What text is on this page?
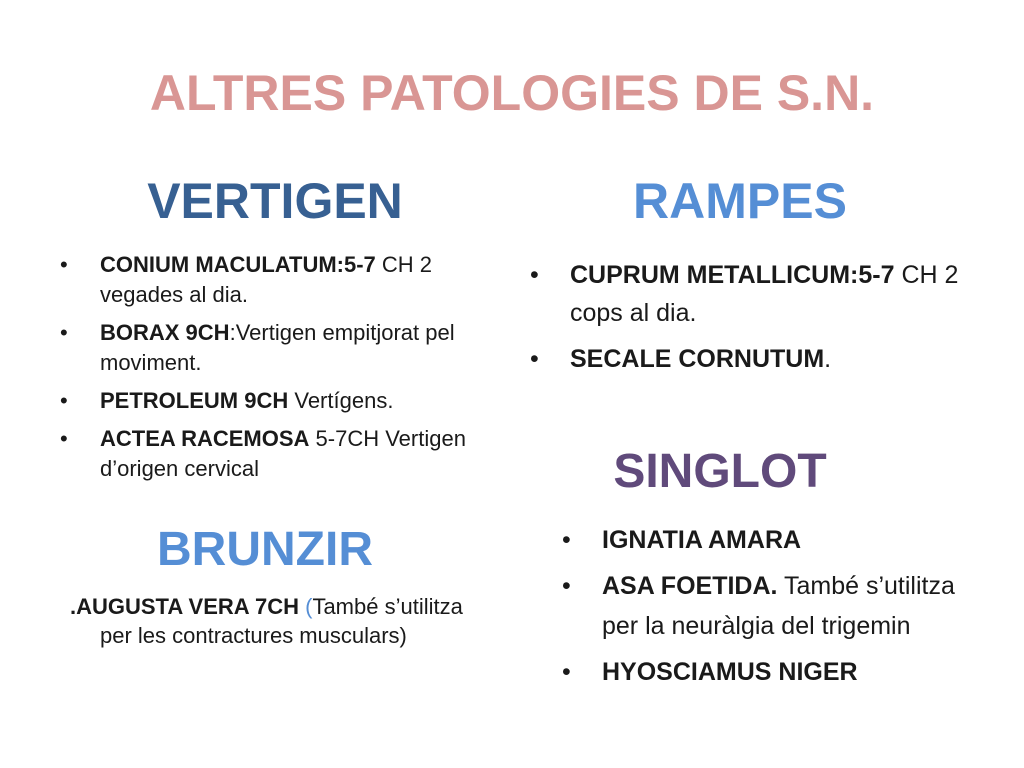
ALTRES PATOLOGIES DE S.N.
VERTIGEN
• CONIUM MACULATUM:5-7 CH 2 vegades al dia.
• BORAX 9CH:Vertigen empitjorat pel moviment.
• PETROLEUM 9CH Vertígens.
• ACTEA RACEMOSA 5-7CH Vertigen d’origen cervical
BRUNZIR
.AUGUSTA VERA 7CH (També s’utilitza
per les contractures musculars)
RAMPES
• CUPRUM METALLICUM:5-7 CH 2 cops al dia.
• SECALE CORNUTUM.
SINGLOT
• IGNATIA AMARA
• ASA FOETIDA. També s’utilitza per la neuràlgia del trigemin
• HYOSCIAMUS NIGER
